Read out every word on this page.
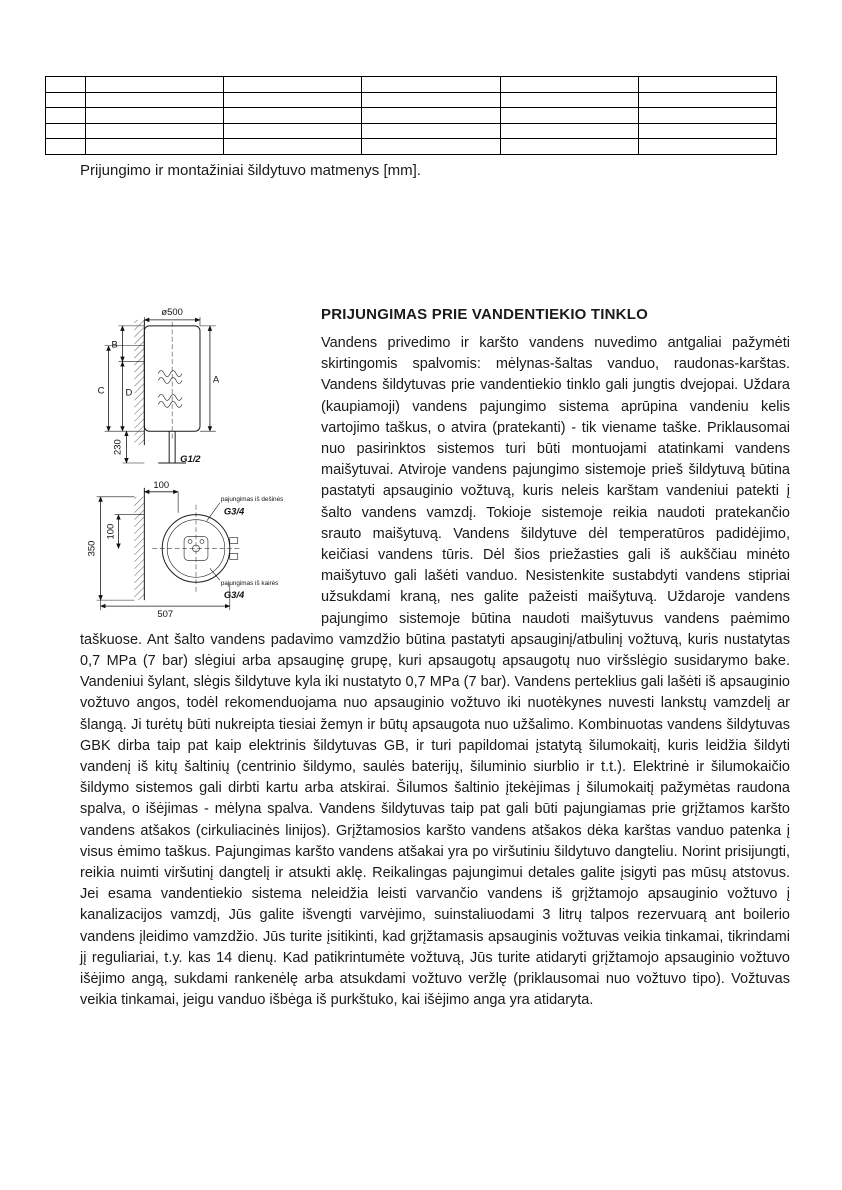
Prijungimo ir montažiniai šildytuvo matmenys [mm].
ø500
A
B
D
C
230
G1/2
100
pajungimas iš dešinės
G3/4
350
100
507
pajungimas iš kairės
G3/4
PRIJUNGIMAS PRIE VANDENTIEKIO TINKLO

Vandens privedimo ir karšto vandens nuvedimo antgaliai pažymėti skirtingomis spalvomis: mėlynas-šaltas vanduo, raudonas-karštas. Vandens šildytuvas prie vandentiekio tinklo gali jungtis dvejopai. Uždara (kaupiamoji) vandens pajungimo sistema aprūpina vandeniu kelis vartojimo taškus, o atvira (pratekanti) - tik viename taške. Priklausomai nuo pasirinktos sistemos turi būti montuojami atatinkami vandens maišytuvai. Atviroje vandens pajungimo sistemoje prieš šildytuvą būtina pastatyti apsauginio vožtuvą, kuris neleis karštam vandeniui patekti į šalto vandens vamzdį. Tokioje sistemoje reikia naudoti pratekančio srauto maišytuvą. Vandens šildytuve dėl temperatūros padidėjimo, keičiasi vandens tūris. Dėl šios priežasties gali iš aukščiau minėto maišytuvo gali lašėti vanduo. Nesistenkite sustabdyti vandens stipriai užsukdami kraną, nes galite pažeisti maišytuvą. Uždaroje vandens pajungimo sistemoje būtina naudoti maišytuvus vandens paėmimo taškuose. Ant šalto vandens padavimo vamzdžio būtina pastatyti apsauginį/atbulinį vožtuvą, kuris nustatytas 0,7 MPa (7 bar) slėgiui arba apsauginę grupę, kuri apsaugotų apsaugotų nuo viršslėgio susidarymo bake. Vandeniui šylant, slėgis šildytuve kyla iki nustatyto 0,7 MPa (7 bar). Vandens perteklius gali lašėti iš apsauginio vožtuvo angos, todėl rekomenduojama nuo apsauginio vožtuvo iki nuotėkynes nuvesti lankstų vamzdelį ar šlangą. Ji turėtų būti nukreipta tiesiai žemyn ir būtų apsaugota nuo užšalimo. Kombinuotas vandens šildytuvas GBK dirba taip pat kaip elektrinis šildytuvas GB, ir turi papildomai įstatytą šilumokaitį, kuris leidžia šildyti vandenį iš kitų šaltinių (centrinio šildymo, saulės baterijų, šiluminio siurblio ir t.t.). Elektrinė ir šilumokaičio šildymo sistemos gali dirbti kartu arba atskirai. Šilumos šaltinio įtekėjimas į šilumokaitį pažymėtas raudona spalva, o išėjimas - mėlyna spalva. Vandens šildytuvas taip pat gali būti pajungiamas prie grįžtamos karšto vandens atšakos (cirkuliacinės linijos). Grįžtamosios karšto vandens atšakos dėka karštas vanduo patenka į visus ėmimo taškus. Pajungimas karšto vandens atšakai yra po viršutiniu šildytuvo dangteliu. Norint prisijungti, reikia nuimti viršutinį dangtelį ir atsukti aklę. Reikalingas pajungimui detales galite įsigyti pas mūsų atstovus. Jei esama vandentiekio sistema neleidžia leisti varvančio vandens iš grįžtamojo apsauginio vožtuvo į kanalizacijos vamzdį, Jūs galite išvengti varvėjimo, suinstaliuodami 3 litrų talpos rezervuarą ant boilerio vandens įleidimo vamzdžio. Jūs turite įsitikinti, kad grįžtamasis apsauginis vožtuvas veikia tinkamai, tikrindami jį reguliariai, t.y. kas 14 dienų. Kad patikrintumėte vožtuvą, Jūs turite atidaryti grįžtamojo apsauginio vožtuvo išėjimo angą, sukdami rankenėlę arba atsukdami vožtuvo veržlę (priklausomai nuo vožtuvo tipo). Vožtuvas veikia tinkamai, jeigu vanduo išbėga iš purkštuko, kai išėjimo anga yra atidaryta.
